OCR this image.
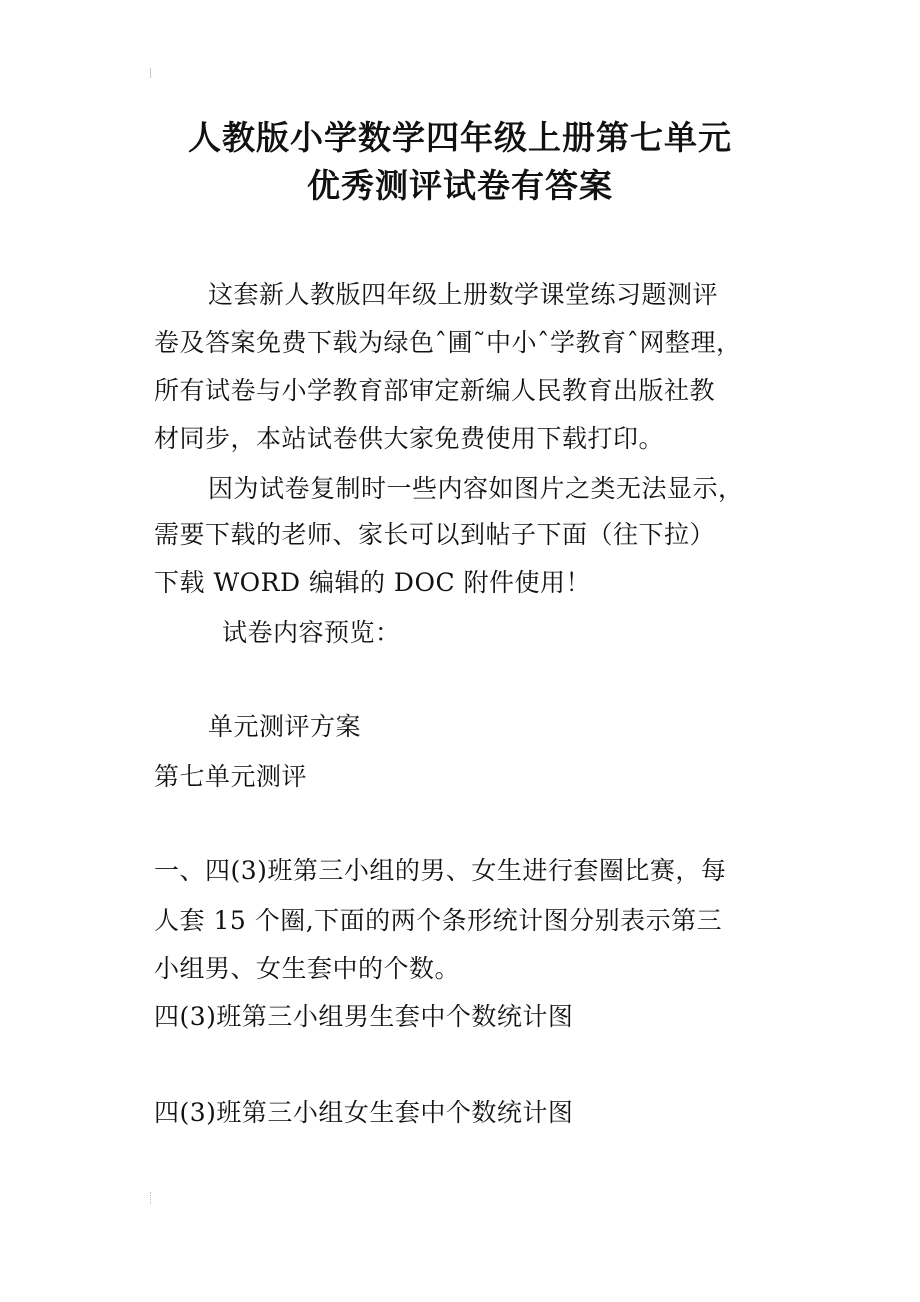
人教版小学数学四年级上册第七单元
优秀测评试卷有答案
这套新人教版四年级上册数学课堂练习题测评
卷及答案免费下载为绿色ˆ圃˜中小ˆ学教育ˆ网整理，
所有试卷与小学教育部审定新编人民教育出版社教
材同步，本站试卷供大家免费使用下载打印。
因为试卷复制时一些内容如图片之类无法显示，
需要下载的老师、家长可以到帖子下面（往下拉）
下载 WORD 编辑的 DOC 附件使用！
试卷内容预览：
单元测评方案
第七单元测评
一、四(3)班第三小组的男、女生进行套圈比赛，每
人套 15 个圈,下面的两个条形统计图分别表示第三
小组男、女生套中的个数。
四(3)班第三小组男生套中个数统计图
四(3)班第三小组女生套中个数统计图
